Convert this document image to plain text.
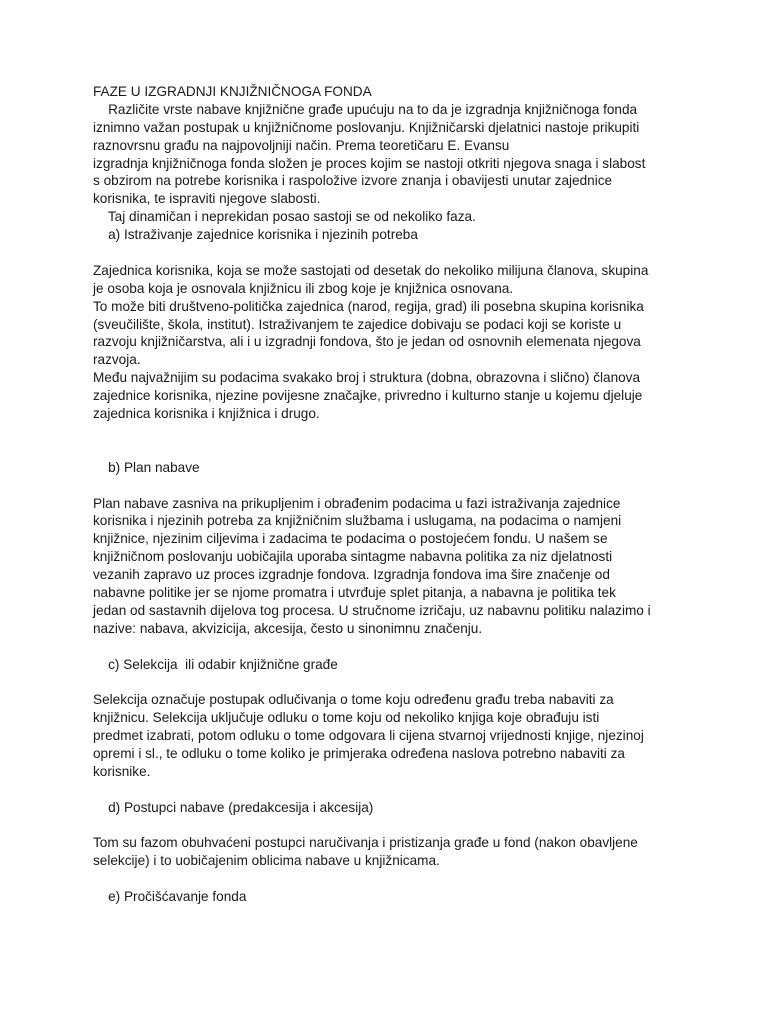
FAZE U IZGRADNJI KNJIŽNIČNOGA FONDA
Različite vrste nabave knjižnične građe upućuju na to da je izgradnja knjižničnoga fonda
iznimno važan postupak u knjižničnome poslovanju. Knjižničarski djelatnici nastoje prikupiti
raznovrsnu građu na najpovoljniji način. Prema teoretičaru E. Evansu
izgradnja knjižničnoga fonda složen je proces kojim se nastoji otkriti njegova snaga i slabost
s obzirom na potrebe korisnika i raspoložive izvore znanja i obavijesti unutar zajednice
korisnika, te ispraviti njegove slabosti.
Taj dinamičan i neprekidan posao sastoji se od nekoliko faza.
a) Istraživanje zajednice korisnika i njezinih potreba
Zajednica korisnika, koja se može sastojati od desetak do nekoliko milijuna članova, skupina
je osoba koja je osnovala knjižnicu ili zbog koje je knjižnica osnovana.
To može biti društveno-politička zajednica (narod, regija, grad) ili posebna skupina korisnika
(sveučilište, škola, institut). Istraživanjem te zajedice dobivaju se podaci koji se koriste u
razvoju knjižničarstva, ali i u izgradnji fondova, što je jedan od osnovnih elemenata njegova
razvoja.
Među najvažnijim su podacima svakako broj i struktura (dobna, obrazovna i slično) članova
zajednice korisnika, njezine povijesne značajke, privredno i kulturno stanje u kojemu djeluje
zajednica korisnika i knjižnica i drugo.
b) Plan nabave
Plan nabave zasniva na prikupljenim i obrađenim podacima u fazi istraživanja zajednice
korisnika i njezinih potreba za knjižničnim službama i uslugama, na podacima o namjeni
knjižnice, njezinim ciljevima i zadacima te podacima o postojećem fondu. U našem se
knjižničnom poslovanju uobičajila uporaba sintagme nabavna politika za niz djelatnosti
vezanih zapravo uz proces izgradnje fondova. Izgradnja fondova ima šire značenje od
nabavne politike jer se njome promatra i utvrđuje splet pitanja, a nabavna je politika tek
jedan od sastavnih dijelova tog procesa. U stručnome izričaju, uz nabavnu politiku nalazimo i
nazive: nabava, akvizicija, akcesija, često u sinonimnu značenju.
c) Selekcija  ili odabir knjižnične građe
Selekcija označuje postupak odlučivanja o tome koju određenu građu treba nabaviti za
knjižnicu. Selekcija uključuje odluku o tome koju od nekoliko knjiga koje obrađuju isti
predmet izabrati, potom odluku o tome odgovara li cijena stvarnoj vrijednosti knjige, njezinoj
opremi i sl., te odluku o tome koliko je primjeraka određena naslova potrebno nabaviti za
korisnike.
d) Postupci nabave (predakcesija i akcesija)
Tom su fazom obuhvaćeni postupci naručivanja i pristizanja građe u fond (nakon obavljene
selekcije) i to uobičajenim oblicima nabave u knjižnicama.
e) Pročišćavanje fonda
